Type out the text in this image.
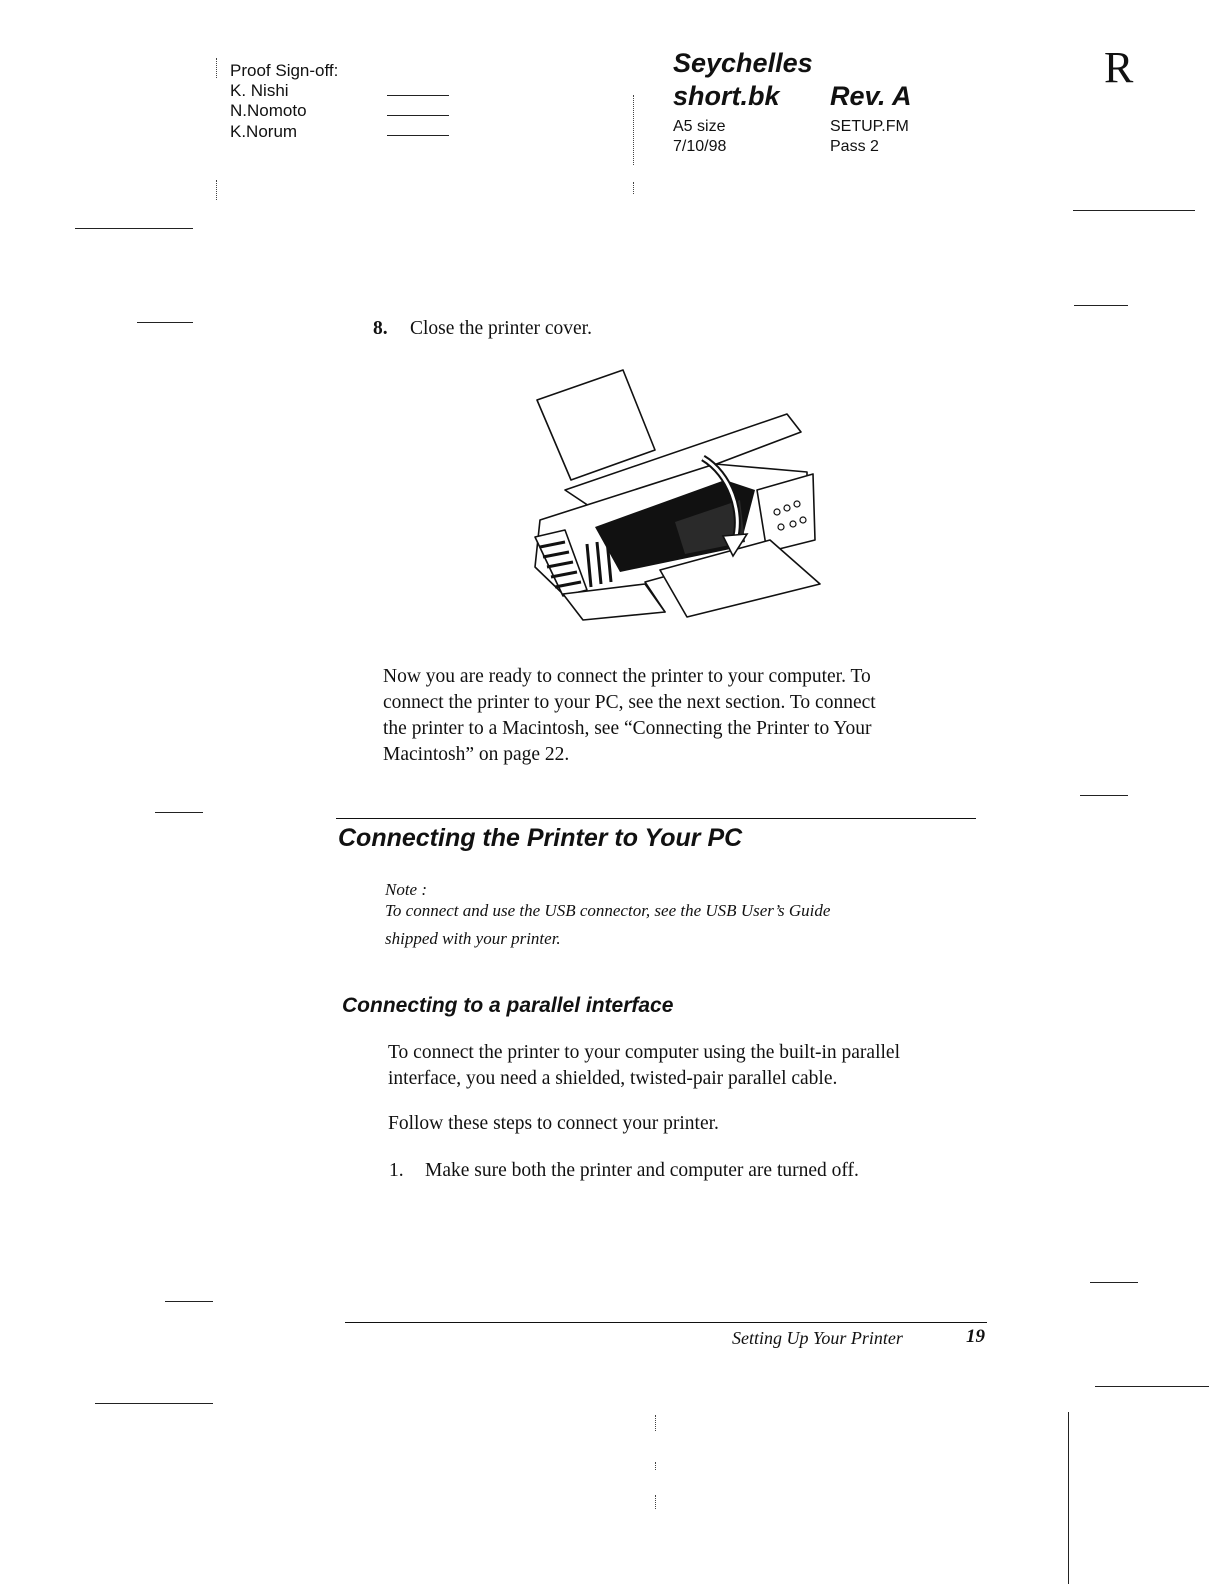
Proof Sign-off:
K. Nishi
N.Nomoto
K.Norum
Seychelles
short.bk Rev. A
A5 size
7/10/98
SETUP.FM
Pass 2
R
8. Close the printer cover.
Now you are ready to connect the printer to your computer. To
connect the printer to your PC, see the next section. To connect
the printer to a Macintosh, see “Connecting the Printer to Your
Macintosh” on page 22.
Connecting the Printer to Your PC
Note :
To connect and use the USB connector, see the USB User’s Guide
shipped with your printer.
Connecting to a parallel interface
To connect the printer to your computer using the built-in parallel
interface, you need a shielded, twisted-pair parallel cable.
Follow these steps to connect your printer.
1. Make sure both the printer and computer are turned off.
Setting Up Your Printer	19
